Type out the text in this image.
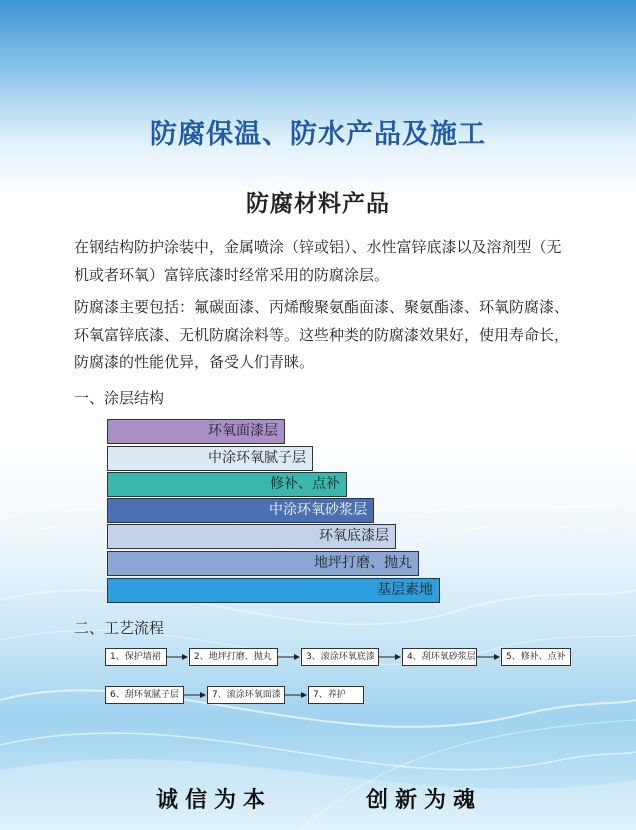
防腐保温、防水产品及施工
防腐材料产品

在钢结构防护涂装中，金属喷涂（锌或铝）、水性富锌底漆以及溶剂型（无机或者环氧）富锌底漆时经常采用的防腐涂层。

防腐漆主要包括：氟碳面漆、丙烯酸聚氨酯面漆、聚氨酯漆、环氧防腐漆、环氧富锌底漆、无机防腐涂料等。这些种类的防腐漆效果好，使用寿命长，防腐漆的性能优异，备受人们青睐。

一、涂层结构
环氧面漆层
中涂环氧腻子层
修补、点补
中涂环氧砂浆层
环氧底漆层
地坪打磨、抛丸
基层素地
二、工艺流程
1、保护墙裙	2、地坪打磨、抛丸	3、滚涂环氧底漆	4、刮环氧砂浆层	5、修补、点补
6、刮环氧腻子层	7、滚涂环氧面漆	7、养护
诚信为本	创新为魂
